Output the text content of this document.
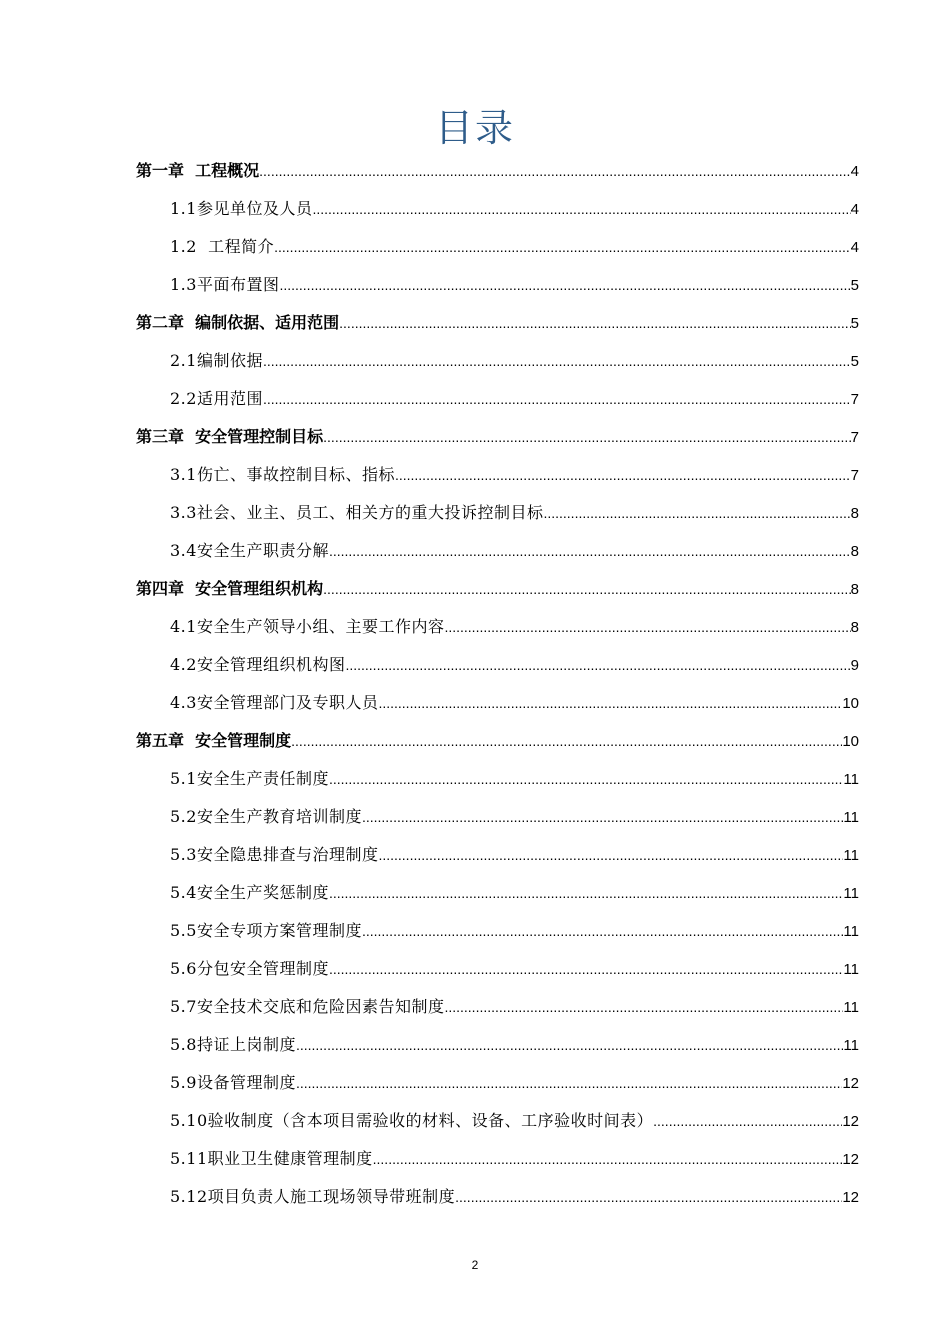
目录
第一章  工程概况 .....	4
1.1参见单位及人员 .....	4
1.2  工程简介 .....	4
1.3平面布置图 .....	5
第二章  编制依据、适用范围 .....	5
2.1编制依据 .....	5
2.2适用范围 .....	7
第三章  安全管理控制目标 .....	7
3.1伤亡、事故控制目标、指标 .....	7
3.3社会、业主、员工、相关方的重大投诉控制目标 .....	8
3.4安全生产职责分解 .....	8
第四章  安全管理组织机构 .....	8
4.1安全生产领导小组、主要工作内容 .....	8
4.2安全管理组织机构图 .....	9
4.3安全管理部门及专职人员 .....	10
第五章  安全管理制度 .....	10
5.1安全生产责任制度 .....	11
5.2安全生产教育培训制度 .....	11
5.3安全隐患排查与治理制度 .....	11
5.4安全生产奖惩制度 .....	11
5.5安全专项方案管理制度 .....	11
5.6分包安全管理制度 .....	11
5.7安全技术交底和危险因素告知制度 .....	11
5.8持证上岗制度 .....	11
5.9设备管理制度 .....	12
5.10验收制度（含本项目需验收的材料、设备、工序验收时间表） .....	12
5.11职业卫生健康管理制度 .....	12
5.12项目负责人施工现场领导带班制度 .....	12
2
